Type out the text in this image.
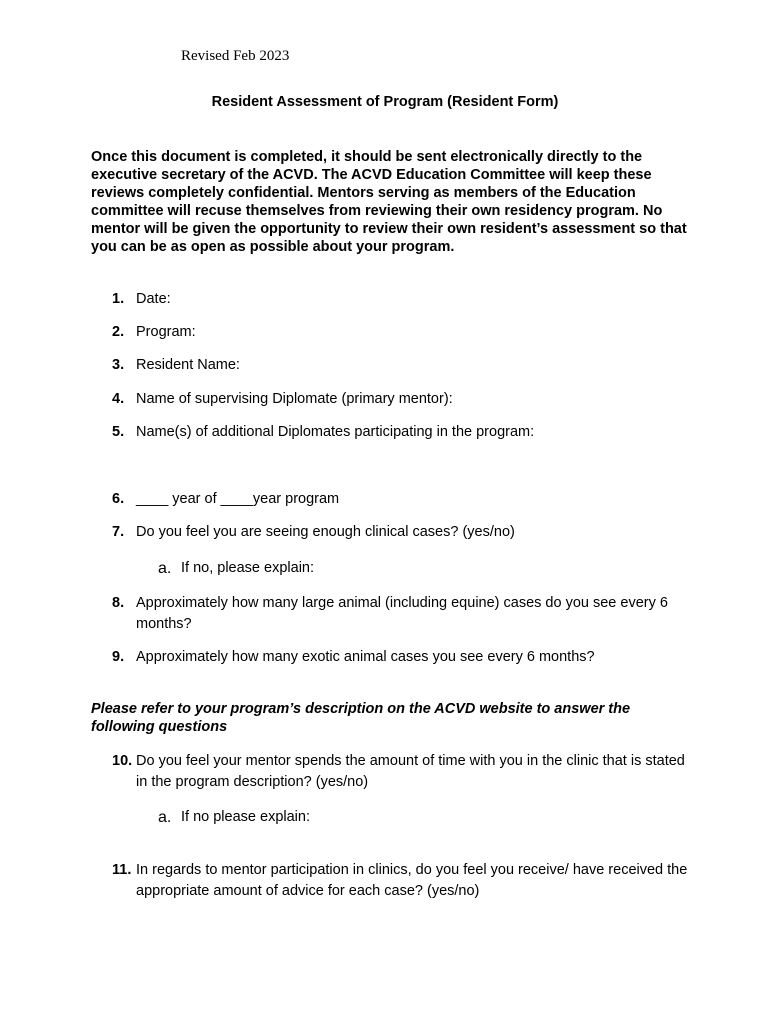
Revised Feb 2023
Resident Assessment of Program (Resident Form)
Once this document is completed, it should be sent electronically directly to the executive secretary of the ACVD. The ACVD Education Committee will keep these reviews completely confidential. Mentors serving as members of the Education committee will recuse themselves from reviewing their own residency program. No mentor will be given the opportunity to review their own resident’s assessment so that you can be as open as possible about your program.
1. Date:
2. Program:
3. Resident Name:
4. Name of supervising Diplomate (primary mentor):
5. Name(s) of additional Diplomates participating in the program:
6. ____ year of ____year program
7. Do you feel you are seeing enough clinical cases? (yes/no)
a. If no, please explain:
8. Approximately how many large animal (including equine) cases do you see every 6 months?
9. Approximately how many exotic animal cases you see every 6 months?
Please refer to your program’s description on the ACVD website to answer the following questions
10. Do you feel your mentor spends the amount of time with you in the clinic that is stated in the program description? (yes/no)
a. If no please explain:
11. In regards to mentor participation in clinics, do you feel you receive/ have received the appropriate amount of advice for each case? (yes/no)
